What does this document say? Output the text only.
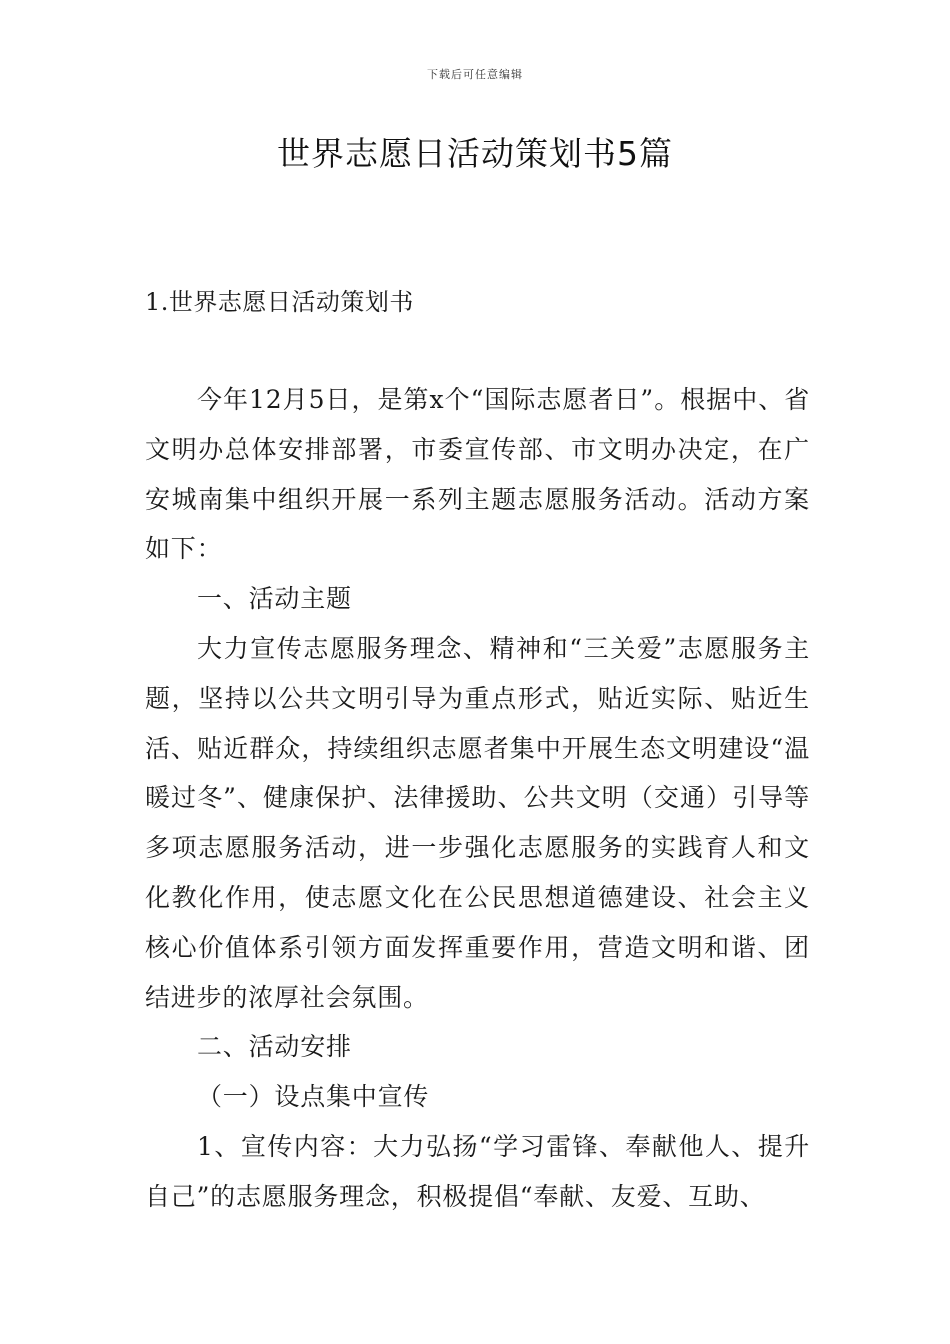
下载后可任意编辑
世界志愿日活动策划书5篇
1.世界志愿日活动策划书

今年12月5日，是第x个“国际志愿者日”。根据中、省文明办总体安排部署，市委宣传部、市文明办决定，在广安城南集中组织开展一系列主题志愿服务活动。活动方案如下：

一、活动主题

大力宣传志愿服务理念、精神和“三关爱”志愿服务主题，坚持以公共文明引导为重点形式，贴近实际、贴近生活、贴近群众，持续组织志愿者集中开展生态文明建设“温暖过冬”、健康保护、法律援助、公共文明（交通）引导等多项志愿服务活动，进一步强化志愿服务的实践育人和文化教化作用，使志愿文化在公民思想道德建设、社会主义核心价值体系引领方面发挥重要作用，营造文明和谐、团结进步的浓厚社会氛围。

二、活动安排

（一）设点集中宣传

1、宣传内容：大力弘扬“学习雷锋、奉献他人、提升自己”的志愿服务理念，积极提倡“奉献、友爱、互助、
